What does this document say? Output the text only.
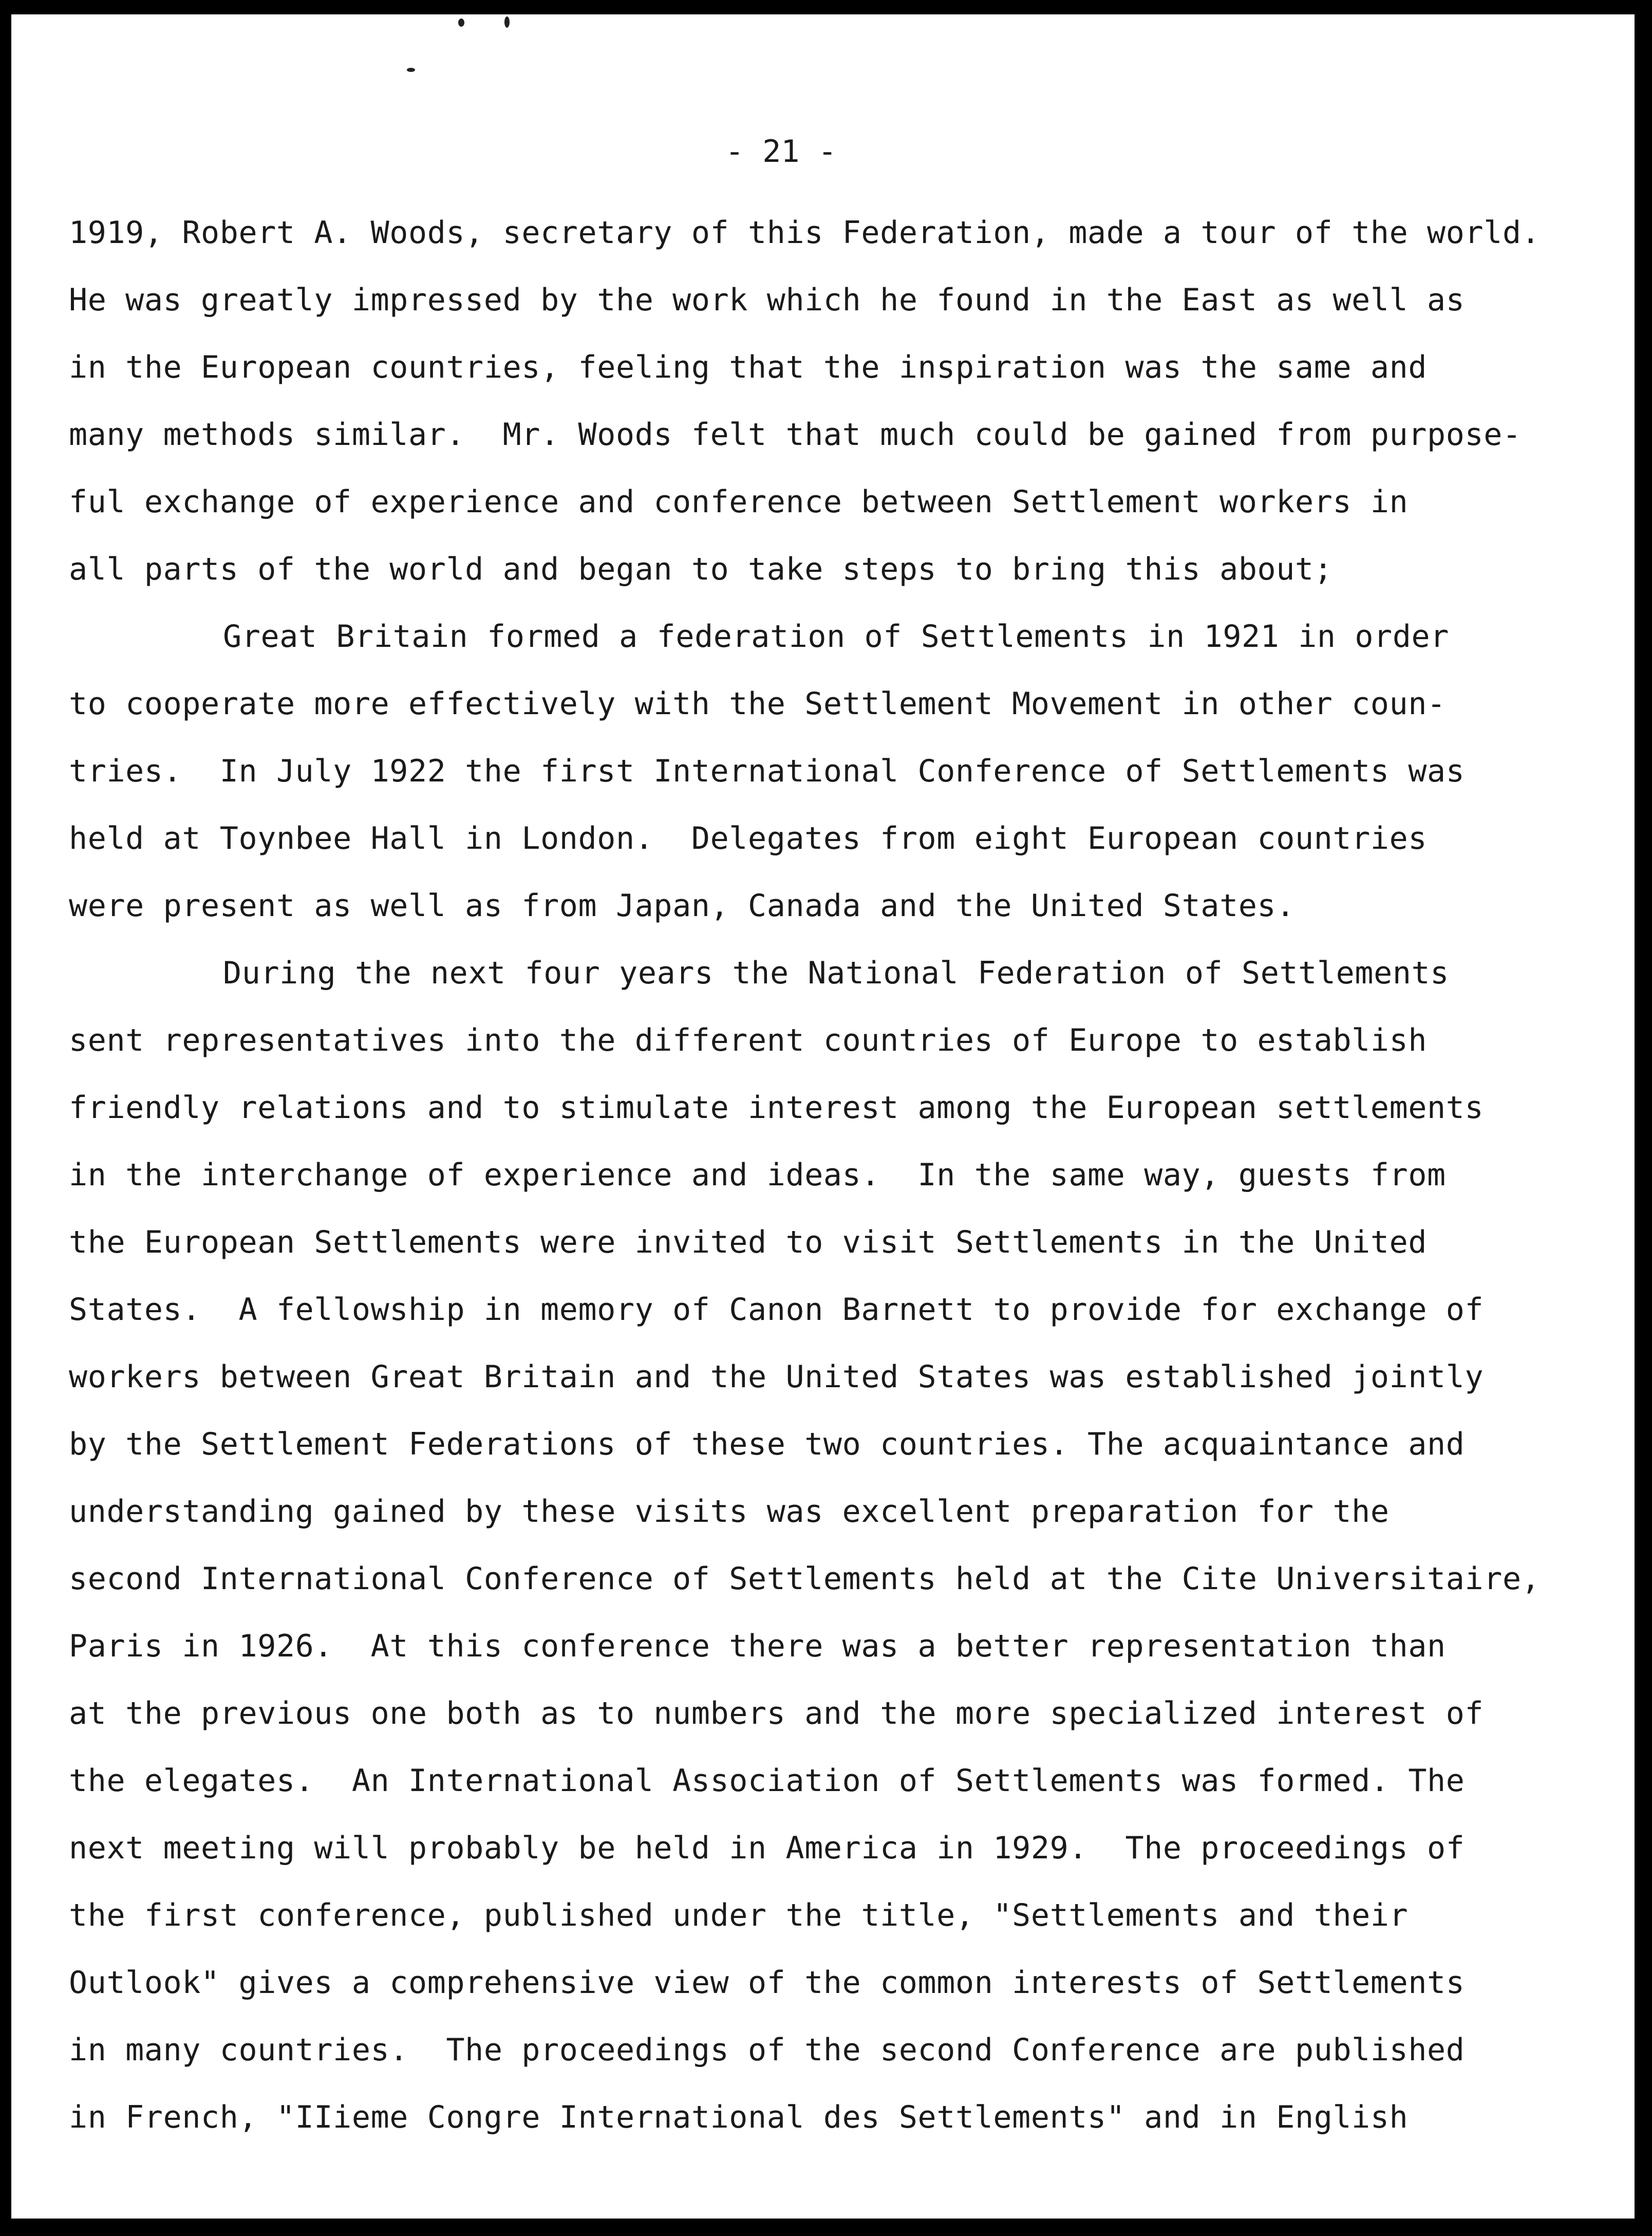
- 21 -
1919, Robert A. Woods, secretary of this Federation, made a tour of the world.
He was greatly impressed by the work which he found in the East as well as
in the European countries, feeling that the inspiration was the same and
many methods similar.  Mr. Woods felt that much could be gained from purpose-
ful exchange of experience and conference between Settlement workers in
all parts of the world and began to take steps to bring this about;
Great Britain formed a federation of Settlements in 1921 in order
to cooperate more effectively with the Settlement Movement in other coun-
tries.  In July 1922 the first International Conference of Settlements was
held at Toynbee Hall in London.  Delegates from eight European countries
were present as well as from Japan, Canada and the United States.
During the next four years the National Federation of Settlements
sent representatives into the different countries of Europe to establish
friendly relations and to stimulate interest among the European settlements
in the interchange of experience and ideas.  In the same way, guests from
the European Settlements were invited to visit Settlements in the United
States.  A fellowship in memory of Canon Barnett to provide for exchange of
workers between Great Britain and the United States was established jointly
by the Settlement Federations of these two countries. The acquaintance and
understanding gained by these visits was excellent preparation for the
second International Conference of Settlements held at the Cite Universitaire,
Paris in 1926.  At this conference there was a better representation than
at the previous one both as to numbers and the more specialized interest of
the elegates.  An International Association of Settlements was formed. The
next meeting will probably be held in America in 1929.  The proceedings of
the first conference, published under the title, "Settlements and their
Outlook" gives a comprehensive view of the common interests of Settlements
in many countries.  The proceedings of the second Conference are published
in French, "IIieme Congre International des Settlements" and in English
